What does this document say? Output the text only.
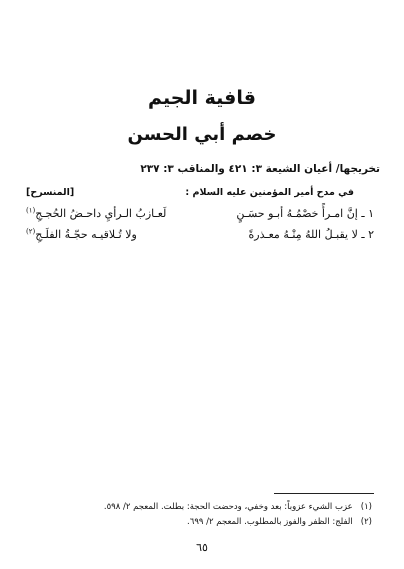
قافية الجيم
خصم أبي الحسن
تخريجها/ أعيان الشيعة ٣: ٤٢١ والمناقب ٣: ٢٣٧
في مدح أمير المؤمنين عليه السلام :
[المنسرح]
١ ـ إنَّ امـرأً خصْمُـهُ أبـو حسَـنٍ
لَعـازبُ الـرأيِ داحـضُ الحُجـجِ$^{(١)}$
٢ ـ لا يقبـلُ اللهُ مِنْـهُ معـذرةً
ولا تُـلاقيـه حجّـةُ الفلَـجِ$^{(٢)}$
(١)عزب الشيء عزوباً: بعد وخفي، ودحضت الحجة: بطلت. المعجم ٢/ ٥٩٨.
(٢)الفلج: الظفر والفوز بالمطلوب. المعجم ٢/ ٦٩٩.
٦٥
